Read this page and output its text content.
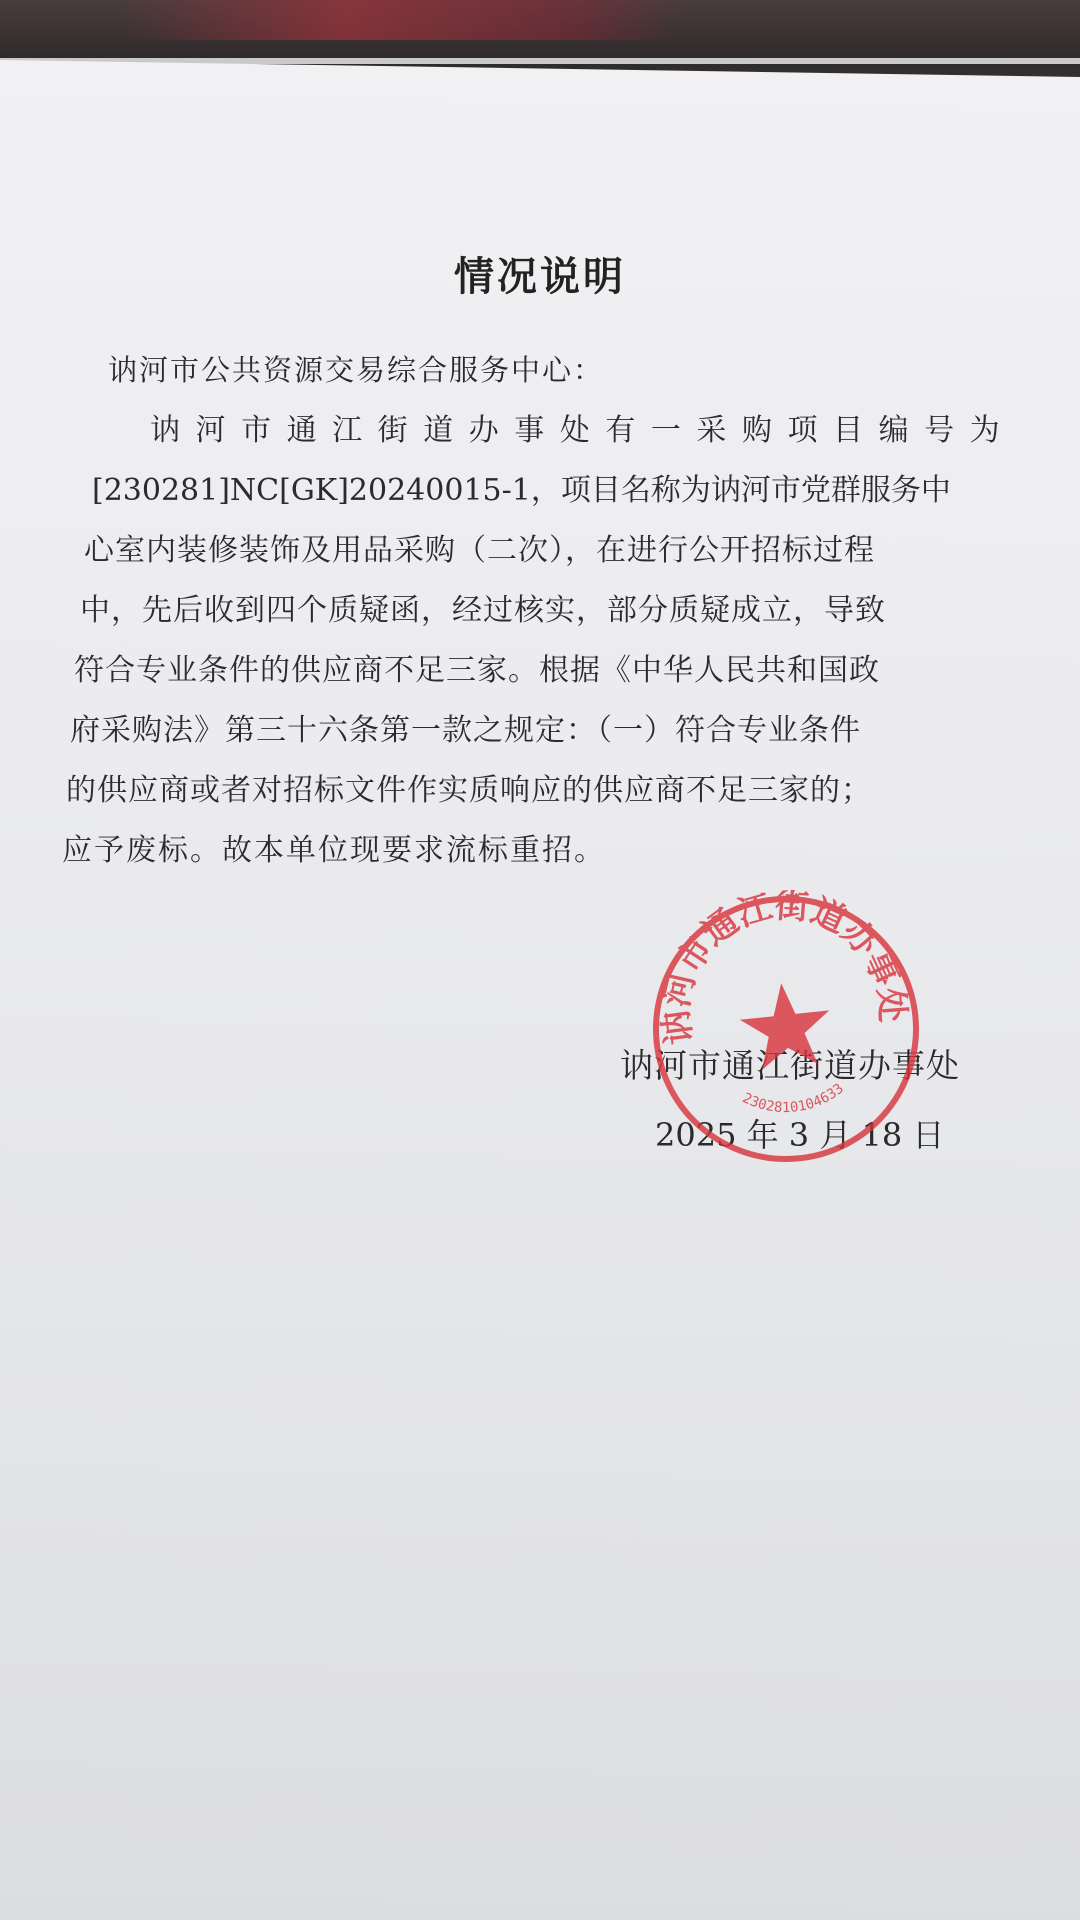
情况说明
讷河市公共资源交易综合服务中心：
讷 河 市 通 江 街 道 办 事 处 有 一 采 购 项 目 编 号 为
[230281]NC[GK]20240015-1，项目名称为讷河市党群服务中
心室内装修装饰及用品采购（二次），在进行公开招标过程
中，先后收到四个质疑函，经过核实，部分质疑成立，导致
符合专业条件的供应商不足三家。根据《中华人民共和国政
府采购法》第三十六条第一款之规定：（一）符合专业条件
的供应商或者对招标文件作实质响应的供应商不足三家的；
应予废标。故本单位现要求流标重招。
讷河市通江街道办事处
2025 年 3 月 18 日
讷河市通江街道办事处
2302810104633
